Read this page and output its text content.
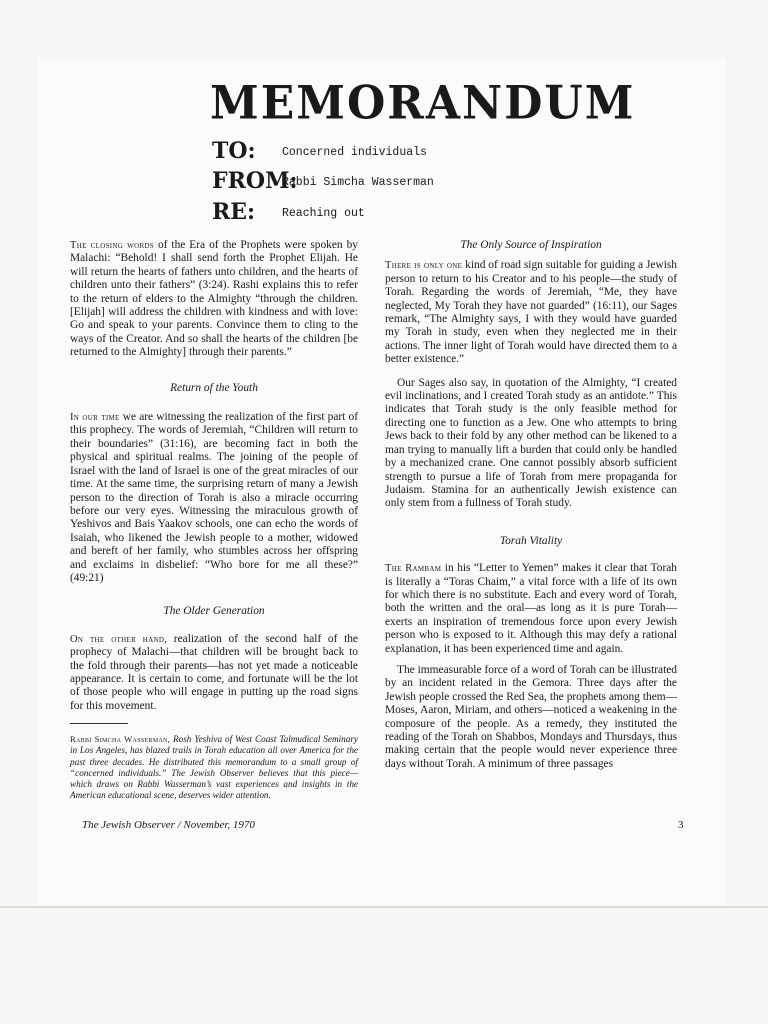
MEMORANDUM
TO: Concerned individuals
FROM:
Rabbi Simcha Wasserman
RE: Reaching out

The closing words of the Era of the Prophets were spoken by Malachi: “Behold! I shall send forth the Prophet Elijah. He will return the hearts of fathers unto children, and the hearts of children unto their fathers” (3:24). Rashi explains this to refer to the return of elders to the Almighty “through the children. [Elijah] will address the children with kindness and with love: Go and speak to your parents. Convince them to cling to the ways of the Creator. And so shall the hearts of the children [be returned to the Almighty] through their parents.”

Return of the Youth

In our time we are witnessing the realization of the first part of this prophecy. The words of Jeremiah, “Children will return to their boundaries” (31:16), are becoming fact in both the physical and spiritual realms. The joining of the people of Israel with the land of Israel is one of the great miracles of our time. At the same time, the surprising return of many a Jewish person to the direction of Torah is also a miracle occurring before our very eyes. Witnessing the miraculous growth of Yeshivos and Bais Yaakov schools, one can echo the words of Isaiah, who likened the Jewish people to a mother, widowed and bereft of her family, who stumbles across her offspring and exclaims in disbelief: “Who bore for me all these?” (49:21)

The Older Generation

On the other hand, realization of the second half of the prophecy of Malachi—that children will be brought back to the fold through their parents—has not yet made a noticeable appearance. It is certain to come, and fortunate will be the lot of those people who will engage in putting up the road signs for this movement.

Rabbi Simcha Wasserman, Rosh Yeshiva of West Coast Talmudical Seminary in Los Angeles, has blazed trails in Torah education all over America for the past three decades. He distributed this memorandum to a small group of “concerned individuals.” The Jewish Observer believes that this piece—which draws on Rabbi Wasserman’s vast experiences and insights in the American educational scene, deserves wider attention.

The Only Source of Inspiration

There is only one kind of road sign suitable for guiding a Jewish person to return to his Creator and to his people—the study of Torah. Regarding the words of Jeremiah, “Me, they have neglected, My Torah they have not guarded” (16:11), our Sages remark, “The Almighty says, I with they would have guarded my Torah in study, even when they neglected me in their actions. The inner light of Torah would have directed them to a better existence.”

Our Sages also say, in quotation of the Almighty, “I created evil inclinations, and I created Torah study as an antidote.” This indicates that Torah study is the only feasible method for directing one to function as a Jew. One who attempts to bring Jews back to their fold by any other method can be likened to a man trying to manually lift a burden that could only be handled by a mechanized crane. One cannot possibly absorb sufficient strength to pursue a life of Torah from mere propaganda for Judaism. Stamina for an authentically Jewish existence can only stem from a fullness of Torah study.

Torah Vitality

The Rambam in his “Letter to Yemen” makes it clear that Torah is literally a “Toras Chaim,” a vital force with a life of its own for which there is no substitute. Each and every word of Torah, both the written and the oral—as long as it is pure Torah—exerts an inspiration of tremendous force upon every Jewish person who is exposed to it. Although this may defy a rational explanation, it has been experienced time and again.

The immeasurable force of a word of Torah can be illustrated by an incident related in the Gemora. Three days after the Jewish people crossed the Red Sea, the prophets among them—Moses, Aaron, Miriam, and others—noticed a weakening in the composure of the people. As a remedy, they instituted the reading of the Torah on Shabbos, Mondays and Thursdays, thus making certain that the people would never experience three days without Torah. A minimum of three passages

The Jewish Observer / November, 1970	3
